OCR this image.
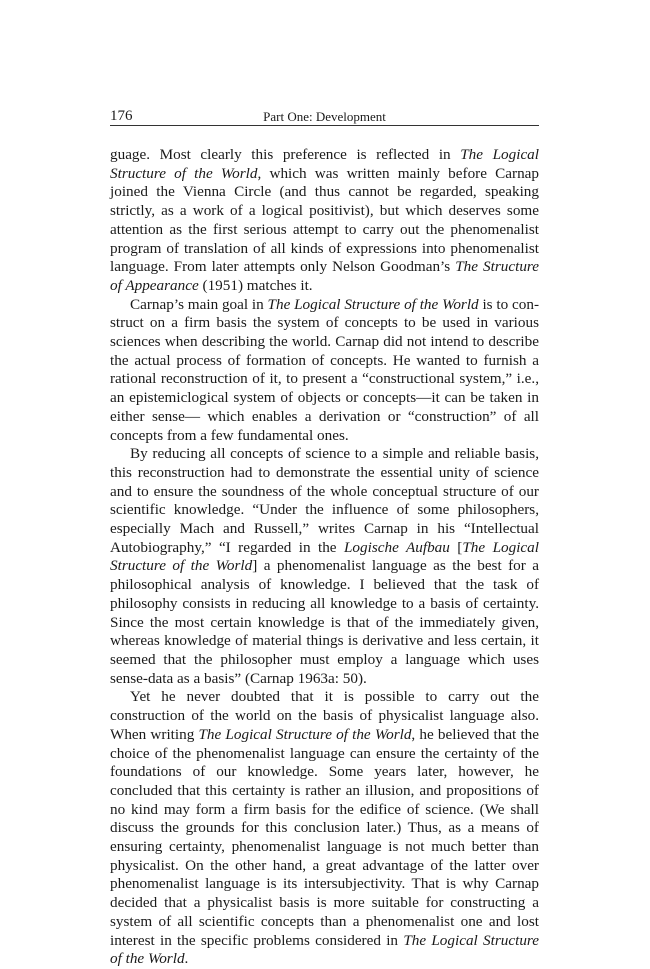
176	Part One: Development

guage. Most clearly this preference is reflected in The Logical Structure of the World, which was written mainly before Carnap joined the Vienna Circle (and thus cannot be regarded, speaking strictly, as a work of a logical positivist), but which deserves some attention as the first serious attempt to carry out the phenomenalist program of translation of all kinds of expressions into phenomenalist language. From later attempts only Nelson Goodman’s The Structure of Appearance (1951) matches it.

Carnap’s main goal in The Logical Structure of the World is to construct on a firm basis the system of concepts to be used in various sciences when describing the world. Carnap did not intend to describe the actual process of formation of concepts. He wanted to furnish a rational reconstruction of it, to present a “constructional system,” i.e., an epistemiclogical system of objects or concepts—it can be taken in either sense— which enables a derivation or “construction” of all concepts from a few fundamental ones.

By reducing all concepts of science to a simple and reliable basis, this reconstruction had to demonstrate the essential unity of science and to ensure the soundness of the whole conceptual structure of our scientific knowledge. “Under the influence of some philosophers, especially Mach and Russell,” writes Carnap in his “Intellectual Autobiography,” “I regarded in the Logische Aufbau [The Logical Structure of the World] a phenomenalist language as the best for a philosophical analysis of knowledge. I believed that the task of philosophy consists in reducing all knowledge to a basis of certainty. Since the most certain knowledge is that of the immediately given, whereas knowledge of material things is derivative and less certain, it seemed that the philosopher must employ a language which uses sense-data as a basis” (Carnap 1963a: 50).

Yet he never doubted that it is possible to carry out the construction of the world on the basis of physicalist language also. When writing The Logical Structure of the World, he believed that the choice of the phenomenalist language can ensure the certainty of the foundations of our knowledge. Some years later, however, he concluded that this certainty is rather an illusion, and propositions of no kind may form a firm basis for the edifice of science. (We shall discuss the grounds for this conclusion later.) Thus, as a means of ensuring certainty, phenomenalist language is not much better than physicalist. On the other hand, a great advantage of the latter over phenomenalist language is its intersubjectivity. That is why Carnap decided that a physicalist basis is more suitable for constructing a system of all scientific concepts than a phenomenalist one and lost interest in the specific problems considered in The Logical Structure of the World.
